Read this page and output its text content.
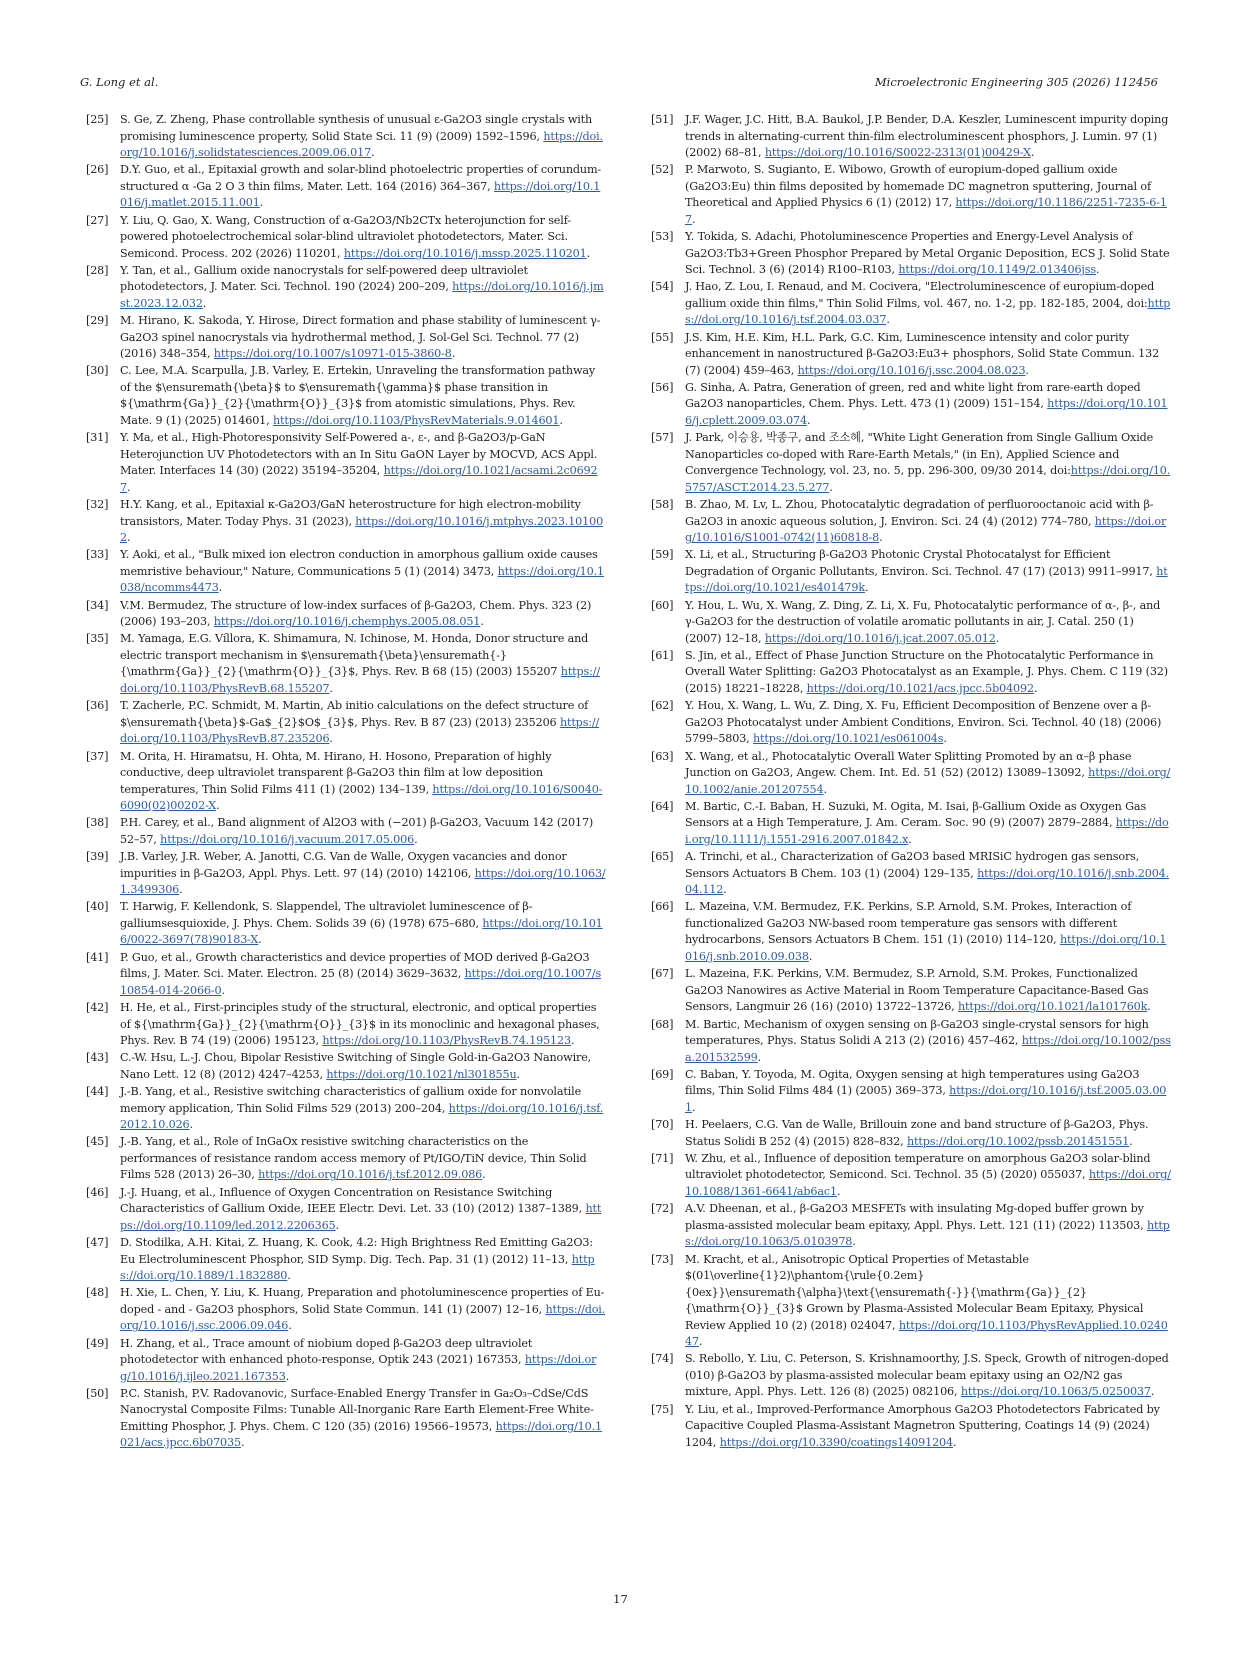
G. Long et al.	Microelectronic Engineering 305 (2026) 112456

[25] S. Ge, Z. Zheng, Phase controllable synthesis of unusual ε-Ga2O3 single crystals with promising luminescence property, Solid State Sci. 11 (9) (2009) 1592–1596, https://doi.org/10.1016/j.solidstatesciences.2009.06.017.

[26] D.Y. Guo, et al., Epitaxial growth and solar-blind photoelectric properties of corundum-structured α -Ga 2 O 3 thin films, Mater. Lett. 164 (2016) 364–367, https://doi.org/10.1016/j.matlet.2015.11.001.

[27] Y. Liu, Q. Gao, X. Wang, Construction of α-Ga2O3/Nb2CTx heterojunction for self-powered photoelectrochemical solar-blind ultraviolet photodetectors, Mater. Sci. Semicond. Process. 202 (2026) 110201, https://doi.org/10.1016/j.mssp.2025.110201.

[28] Y. Tan, et al., Gallium oxide nanocrystals for self-powered deep ultraviolet photodetectors, J. Mater. Sci. Technol. 190 (2024) 200–209, https://doi.org/10.1016/j.jmst.2023.12.032.

[29] M. Hirano, K. Sakoda, Y. Hirose, Direct formation and phase stability of luminescent γ-Ga2O3 spinel nanocrystals via hydrothermal method, J. Sol-Gel Sci. Technol. 77 (2) (2016) 348–354, https://doi.org/10.1007/s10971-015-3860-8.

[30] C. Lee, M.A. Scarpulla, J.B. Varley, E. Ertekin, Unraveling the transformation pathway of the $\ensuremath{\beta}$ to $\ensuremath{\gamma}$ phase transition in ${\mathrm{Ga}}_{2}{\mathrm{O}}_{3}$ from atomistic simulations, Phys. Rev. Mate. 9 (1) (2025) 014601, https://doi.org/10.1103/PhysRevMaterials.9.014601.

[31] Y. Ma, et al., High-Photoresponsivity Self-Powered a-, ε-, and β-Ga2O3/p-GaN Heterojunction UV Photodetectors with an In Situ GaON Layer by MOCVD, ACS Appl. Mater. Interfaces 14 (30) (2022) 35194–35204, https://doi.org/10.1021/acsami.2c06927.

[32] H.Y. Kang, et al., Epitaxial κ-Ga2O3/GaN heterostructure for high electron-mobility transistors, Mater. Today Phys. 31 (2023), https://doi.org/10.1016/j.mtphys.2023.101002.

[33] Y. Aoki, et al., "Bulk mixed ion electron conduction in amorphous gallium oxide causes memristive behaviour," Nature, Communications 5 (1) (2014) 3473, https://doi.org/10.1038/ncomms4473.

[34] V.M. Bermudez, The structure of low-index surfaces of β-Ga2O3, Chem. Phys. 323 (2) (2006) 193–203, https://doi.org/10.1016/j.chemphys.2005.08.051.

[35] M. Yamaga, E.G. Víllora, K. Shimamura, N. Ichinose, M. Honda, Donor structure and electric transport mechanism in $\ensuremath{\beta}\ensuremath{-}{\mathrm{Ga}}_{2}{\mathrm{O}}_{3}$, Phys. Rev. B 68 (15) (2003) 155207 https://doi.org/10.1103/PhysRevB.68.155207.

[36] T. Zacherle, P.C. Schmidt, M. Martin, Ab initio calculations on the defect structure of $\ensuremath{\beta}$-Ga$_{2}$O$_{3}$, Phys. Rev. B 87 (23) (2013) 235206 https://doi.org/10.1103/PhysRevB.87.235206.

[37] M. Orita, H. Hiramatsu, H. Ohta, M. Hirano, H. Hosono, Preparation of highly conductive, deep ultraviolet transparent β-Ga2O3 thin film at low deposition temperatures, Thin Solid Films 411 (1) (2002) 134–139, https://doi.org/10.1016/S0040-6090(02)00202-X.

[38] P.H. Carey, et al., Band alignment of Al2O3 with (−201) β-Ga2O3, Vacuum 142 (2017) 52–57, https://doi.org/10.1016/j.vacuum.2017.05.006.

[39] J.B. Varley, J.R. Weber, A. Janotti, C.G. Van de Walle, Oxygen vacancies and donor impurities in β-Ga2O3, Appl. Phys. Lett. 97 (14) (2010) 142106, https://doi.org/10.1063/1.3499306.

[40] T. Harwig, F. Kellendonk, S. Slappendel, The ultraviolet luminescence of β-galliumsesquioxide, J. Phys. Chem. Solids 39 (6) (1978) 675–680, https://doi.org/10.1016/0022-3697(78)90183-X.

[41] P. Guo, et al., Growth characteristics and device properties of MOD derived β-Ga2O3 films, J. Mater. Sci. Mater. Electron. 25 (8) (2014) 3629–3632, https://doi.org/10.1007/s10854-014-2066-0.

[42] H. He, et al., First-principles study of the structural, electronic, and optical properties of ${\mathrm{Ga}}_{2}{\mathrm{O}}_{3}$ in its monoclinic and hexagonal phases, Phys. Rev. B 74 (19) (2006) 195123, https://doi.org/10.1103/PhysRevB.74.195123.

[43] C.-W. Hsu, L.-J. Chou, Bipolar Resistive Switching of Single Gold-in-Ga2O3 Nanowire, Nano Lett. 12 (8) (2012) 4247–4253, https://doi.org/10.1021/nl301855u.

[44] J.-B. Yang, et al., Resistive switching characteristics of gallium oxide for nonvolatile memory application, Thin Solid Films 529 (2013) 200–204, https://doi.org/10.1016/j.tsf.2012.10.026.

[45] J.-B. Yang, et al., Role of InGaOx resistive switching characteristics on the performances of resistance random access memory of Pt/IGO/TiN device, Thin Solid Films 528 (2013) 26–30, https://doi.org/10.1016/j.tsf.2012.09.086.

[46] J.-J. Huang, et al., Influence of Oxygen Concentration on Resistance Switching Characteristics of Gallium Oxide, IEEE Electr. Devi. Let. 33 (10) (2012) 1387–1389, https://doi.org/10.1109/led.2012.2206365.

[47] D. Stodilka, A.H. Kitai, Z. Huang, K. Cook, 4.2: High Brightness Red Emitting Ga2O3: Eu Electroluminescent Phosphor, SID Symp. Dig. Tech. Pap. 31 (1) (2012) 11–13, https://doi.org/10.1889/1.1832880.

[48] H. Xie, L. Chen, Y. Liu, K. Huang, Preparation and photoluminescence properties of Eu-doped - and - Ga2O3 phosphors, Solid State Commun. 141 (1) (2007) 12–16, https://doi.org/10.1016/j.ssc.2006.09.046.

[49] H. Zhang, et al., Trace amount of niobium doped β-Ga2O3 deep ultraviolet photodetector with enhanced photo-response, Optik 243 (2021) 167353, https://doi.org/10.1016/j.ijleo.2021.167353.

[50] P.C. Stanish, P.V. Radovanovic, Surface-Enabled Energy Transfer in Ga₂O₃–CdSe/CdS Nanocrystal Composite Films: Tunable All-Inorganic Rare Earth Element-Free White-Emitting Phosphor, J. Phys. Chem. C 120 (35) (2016) 19566–19573, https://doi.org/10.1021/acs.jpcc.6b07035.

[51] J.F. Wager, J.C. Hitt, B.A. Baukol, J.P. Bender, D.A. Keszler, Luminescent impurity doping trends in alternating-current thin-film electroluminescent phosphors, J. Lumin. 97 (1) (2002) 68–81, https://doi.org/10.1016/S0022-2313(01)00429-X.

[52] P. Marwoto, S. Sugianto, E. Wibowo, Growth of europium-doped gallium oxide (Ga2O3:Eu) thin films deposited by homemade DC magnetron sputtering, Journal of Theoretical and Applied Physics 6 (1) (2012) 17, https://doi.org/10.1186/2251-7235-6-17.

[53] Y. Tokida, S. Adachi, Photoluminescence Properties and Energy-Level Analysis of Ga2O3:Tb3+Green Phosphor Prepared by Metal Organic Deposition, ECS J. Solid State Sci. Technol. 3 (6) (2014) R100–R103, https://doi.org/10.1149/2.013406jss.

[54] J. Hao, Z. Lou, I. Renaud, and M. Cocivera, "Electroluminescence of europium-doped gallium oxide thin films," Thin Solid Films, vol. 467, no. 1-2, pp. 182-185, 2004, doi:https://doi.org/10.1016/j.tsf.2004.03.037.

[55] J.S. Kim, H.E. Kim, H.L. Park, G.C. Kim, Luminescence intensity and color purity enhancement in nanostructured β-Ga2O3:Eu3+ phosphors, Solid State Commun. 132 (7) (2004) 459–463, https://doi.org/10.1016/j.ssc.2004.08.023.

[56] G. Sinha, A. Patra, Generation of green, red and white light from rare-earth doped Ga2O3 nanoparticles, Chem. Phys. Lett. 473 (1) (2009) 151–154, https://doi.org/10.1016/j.cplett.2009.03.074.

[57] J. Park, 이승용, 박종구, and 조소혜, "White Light Generation from Single Gallium Oxide Nanoparticles co-doped with Rare-Earth Metals," (in En), Applied Science and Convergence Technology, vol. 23, no. 5, pp. 296-300, 09/30 2014, doi:https://doi.org/10.5757/ASCT.2014.23.5.277.

[58] B. Zhao, M. Lv, L. Zhou, Photocatalytic degradation of perfluorooctanoic acid with β-Ga2O3 in anoxic aqueous solution, J. Environ. Sci. 24 (4) (2012) 774–780, https://doi.org/10.1016/S1001-0742(11)60818-8.

[59] X. Li, et al., Structuring β-Ga2O3 Photonic Crystal Photocatalyst for Efficient Degradation of Organic Pollutants, Environ. Sci. Technol. 47 (17) (2013) 9911–9917, https://doi.org/10.1021/es401479k.

[60] Y. Hou, L. Wu, X. Wang, Z. Ding, Z. Li, X. Fu, Photocatalytic performance of α-, β-, and γ-Ga2O3 for the destruction of volatile aromatic pollutants in air, J. Catal. 250 (1) (2007) 12–18, https://doi.org/10.1016/j.jcat.2007.05.012.

[61] S. Jin, et al., Effect of Phase Junction Structure on the Photocatalytic Performance in Overall Water Splitting: Ga2O3 Photocatalyst as an Example, J. Phys. Chem. C 119 (32) (2015) 18221–18228, https://doi.org/10.1021/acs.jpcc.5b04092.

[62] Y. Hou, X. Wang, L. Wu, Z. Ding, X. Fu, Efficient Decomposition of Benzene over a β-Ga2O3 Photocatalyst under Ambient Conditions, Environ. Sci. Technol. 40 (18) (2006) 5799–5803, https://doi.org/10.1021/es061004s.

[63] X. Wang, et al., Photocatalytic Overall Water Splitting Promoted by an α–β phase Junction on Ga2O3, Angew. Chem. Int. Ed. 51 (52) (2012) 13089–13092, https://doi.org/10.1002/anie.201207554.

[64] M. Bartic, C.-I. Baban, H. Suzuki, M. Ogita, M. Isai, β-Gallium Oxide as Oxygen Gas Sensors at a High Temperature, J. Am. Ceram. Soc. 90 (9) (2007) 2879–2884, https://doi.org/10.1111/j.1551-2916.2007.01842.x.

[65] A. Trinchi, et al., Characterization of Ga2O3 based MRISiC hydrogen gas sensors, Sensors Actuators B Chem. 103 (1) (2004) 129–135, https://doi.org/10.1016/j.snb.2004.04.112.

[66] L. Mazeina, V.M. Bermudez, F.K. Perkins, S.P. Arnold, S.M. Prokes, Interaction of functionalized Ga2O3 NW-based room temperature gas sensors with different hydrocarbons, Sensors Actuators B Chem. 151 (1) (2010) 114–120, https://doi.org/10.1016/j.snb.2010.09.038.

[67] L. Mazeina, F.K. Perkins, V.M. Bermudez, S.P. Arnold, S.M. Prokes, Functionalized Ga2O3 Nanowires as Active Material in Room Temperature Capacitance-Based Gas Sensors, Langmuir 26 (16) (2010) 13722–13726, https://doi.org/10.1021/la101760k.

[68] M. Bartic, Mechanism of oxygen sensing on β-Ga2O3 single-crystal sensors for high temperatures, Phys. Status Solidi A 213 (2) (2016) 457–462, https://doi.org/10.1002/pssa.201532599.

[69] C. Baban, Y. Toyoda, M. Ogita, Oxygen sensing at high temperatures using Ga2O3 films, Thin Solid Films 484 (1) (2005) 369–373, https://doi.org/10.1016/j.tsf.2005.03.001.

[70] H. Peelaers, C.G. Van de Walle, Brillouin zone and band structure of β-Ga2O3, Phys. Status Solidi B 252 (4) (2015) 828–832, https://doi.org/10.1002/pssb.201451551.

[71] W. Zhu, et al., Influence of deposition temperature on amorphous Ga2O3 solar-blind ultraviolet photodetector, Semicond. Sci. Technol. 35 (5) (2020) 055037, https://doi.org/10.1088/1361-6641/ab6ac1.

[72] A.V. Dheenan, et al., β-Ga2O3 MESFETs with insulating Mg-doped buffer grown by plasma-assisted molecular beam epitaxy, Appl. Phys. Lett. 121 (11) (2022) 113503, https://doi.org/10.1063/5.0103978.

[73] M. Kracht, et al., Anisotropic Optical Properties of Metastable $(01\overline{1}2)\phantom{\rule{0.2em}{0ex}}\ensuremath{\alpha}\text{\ensuremath{-}}{\mathrm{Ga}}_{2}{\mathrm{O}}_{3}$ Grown by Plasma-Assisted Molecular Beam Epitaxy, Physical Review Applied 10 (2) (2018) 024047, https://doi.org/10.1103/PhysRevApplied.10.024047.

[74] S. Rebollo, Y. Liu, C. Peterson, S. Krishnamoorthy, J.S. Speck, Growth of nitrogen-doped (010) β-Ga2O3 by plasma-assisted molecular beam epitaxy using an O2/N2 gas mixture, Appl. Phys. Lett. 126 (8) (2025) 082106, https://doi.org/10.1063/5.0250037.

[75] Y. Liu, et al., Improved-Performance Amorphous Ga2O3 Photodetectors Fabricated by Capacitive Coupled Plasma-Assistant Magnetron Sputtering, Coatings 14 (9) (2024) 1204, https://doi.org/10.3390/coatings14091204.

17
